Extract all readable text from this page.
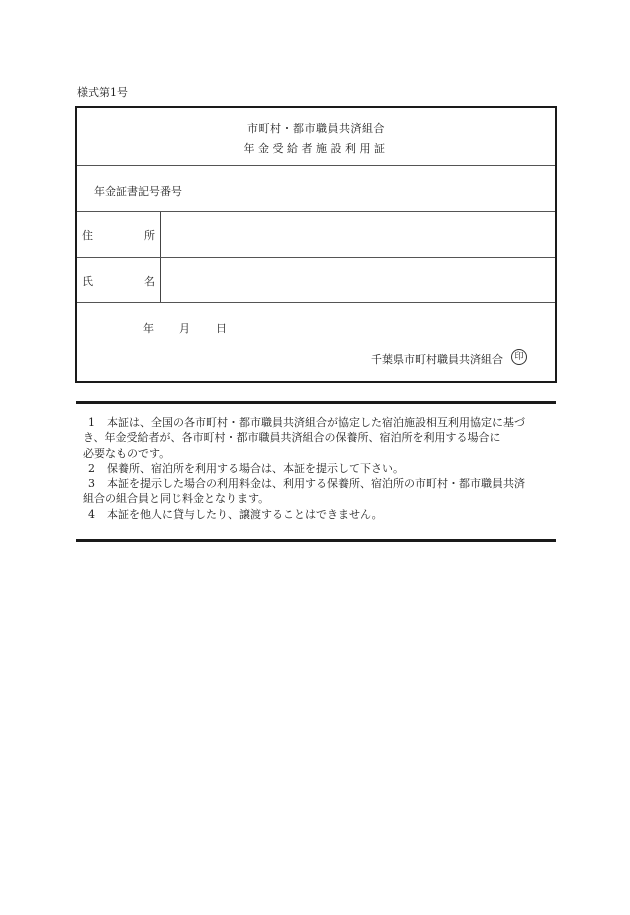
様式第1号
市町村・都市職員共済組合
年金受給者施設利用証
年金証書記号番号
住	所
氏	名
年 月 日
千葉県市町村職員共済組合	印
1 本証は、全国の各市町村・都市職員共済組合が協定した宿泊施設相互利用協定に基づ
き、年金受給者が、各市町村・都市職員共済組合の保養所、宿泊所を利用する場合に
必要なものです。
2 保養所、宿泊所を利用する場合は、本証を提示して下さい。
3 本証を提示した場合の利用料金は、利用する保養所、宿泊所の市町村・都市職員共済
組合の組合員と同じ料金となります。
4 本証を他人に貸与したり、譲渡することはできません。
